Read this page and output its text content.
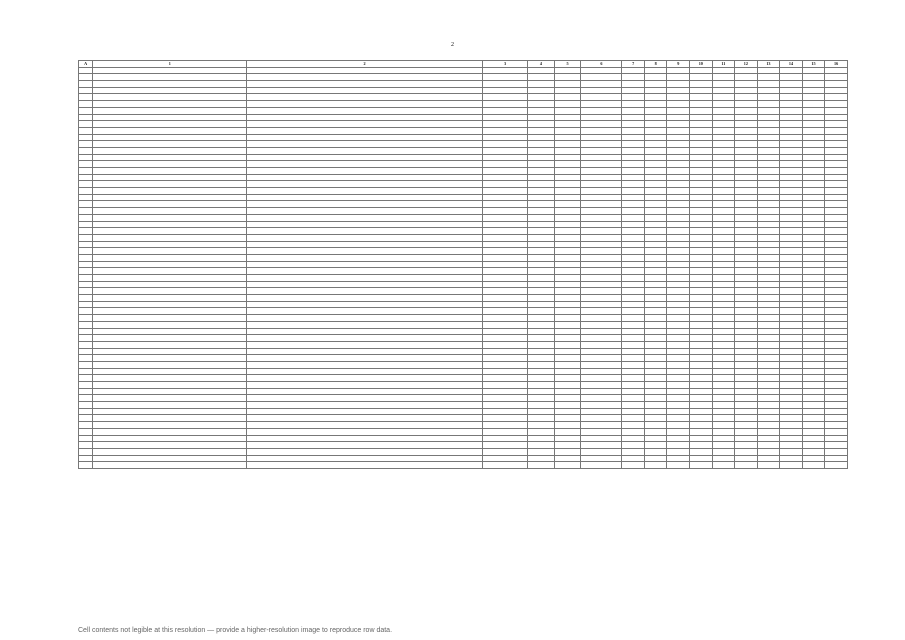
2
A	1	2	3	4	5	6	7	8	9	10	11	12	13	14	15	16

Cell contents not legible at this resolution — provide a higher-resolution image to reproduce row data.
